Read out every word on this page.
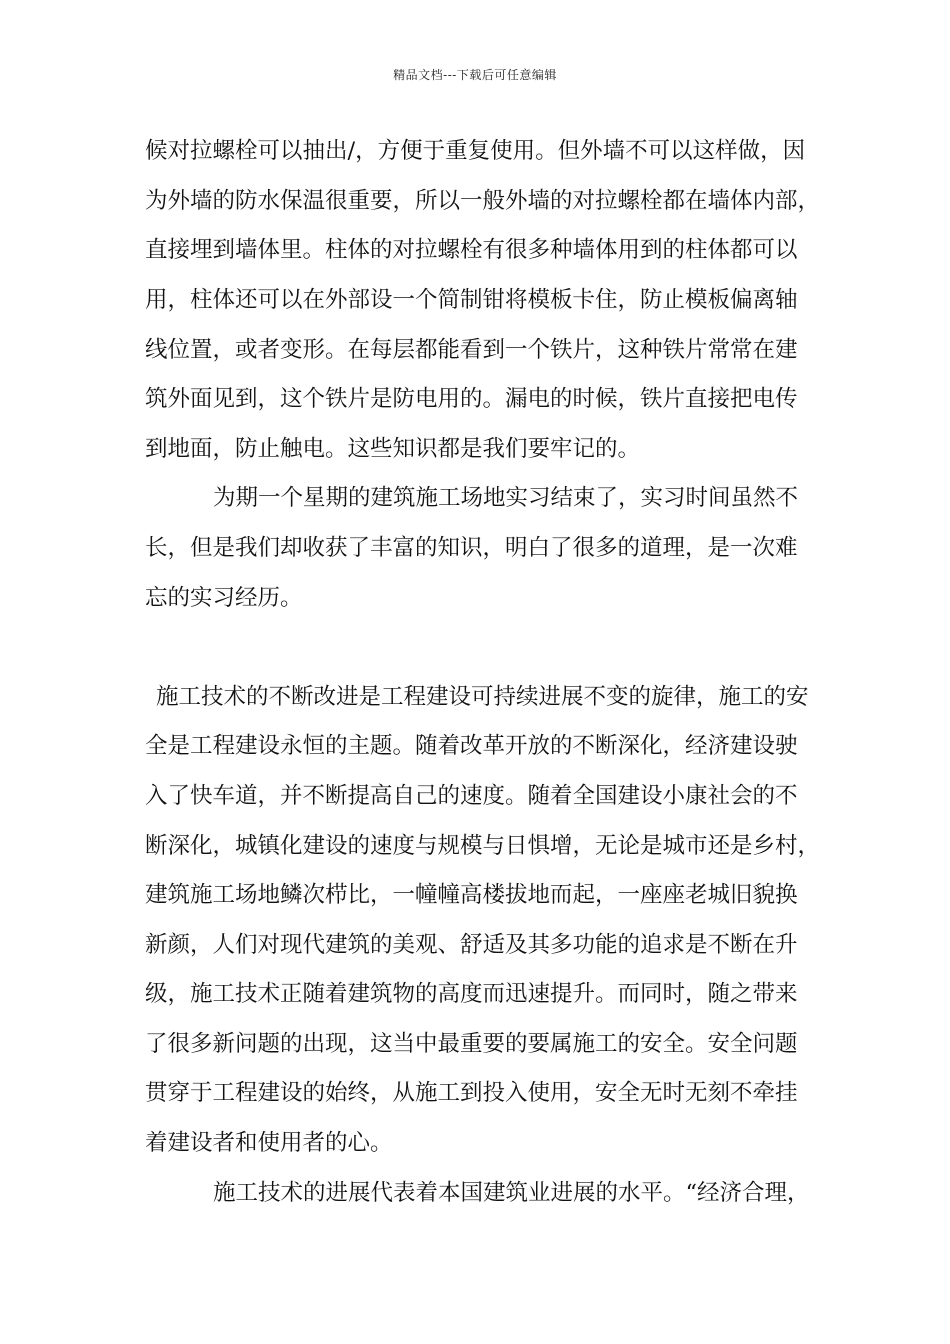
精品文档---下载后可任意编辑
候对拉螺栓可以抽出/，方便于重复使用。但外墙不可以这样做，因
为外墙的防水保温很重要，所以一般外墙的对拉螺栓都在墙体内部，
直接埋到墙体里。柱体的对拉螺栓有很多种墙体用到的柱体都可以
用，柱体还可以在外部设一个简制钳将模板卡住，防止模板偏离轴
线位置，或者变形。在每层都能看到一个铁片，这种铁片常常在建
筑外面见到，这个铁片是防电用的。漏电的时候，铁片直接把电传
到地面，防止触电。这些知识都是我们要牢记的。
为期一个星期的建筑施工场地实习结束了，实习时间虽然不
长，但是我们却收获了丰富的知识，明白了很多的道理，是一次难
忘的实习经历。
施工技术的不断改进是工程建设可持续进展不变的旋律，施工的安
全是工程建设永恒的主题。随着改革开放的不断深化，经济建设驶
入了快车道，并不断提高自己的速度。随着全国建设小康社会的不
断深化，城镇化建设的速度与规模与日惧增，无论是城市还是乡村，
建筑施工场地鳞次栉比，一幢幢高楼拔地而起，一座座老城旧貌换
新颜，人们对现代建筑的美观、舒适及其多功能的追求是不断在升
级，施工技术正随着建筑物的高度而迅速提升。而同时，随之带来
了很多新问题的出现，这当中最重要的要属施工的安全。安全问题
贯穿于工程建设的始终，从施工到投入使用，安全无时无刻不牵挂
着建设者和使用者的心。
施工技术的进展代表着本国建筑业进展的水平。“经济合理，
